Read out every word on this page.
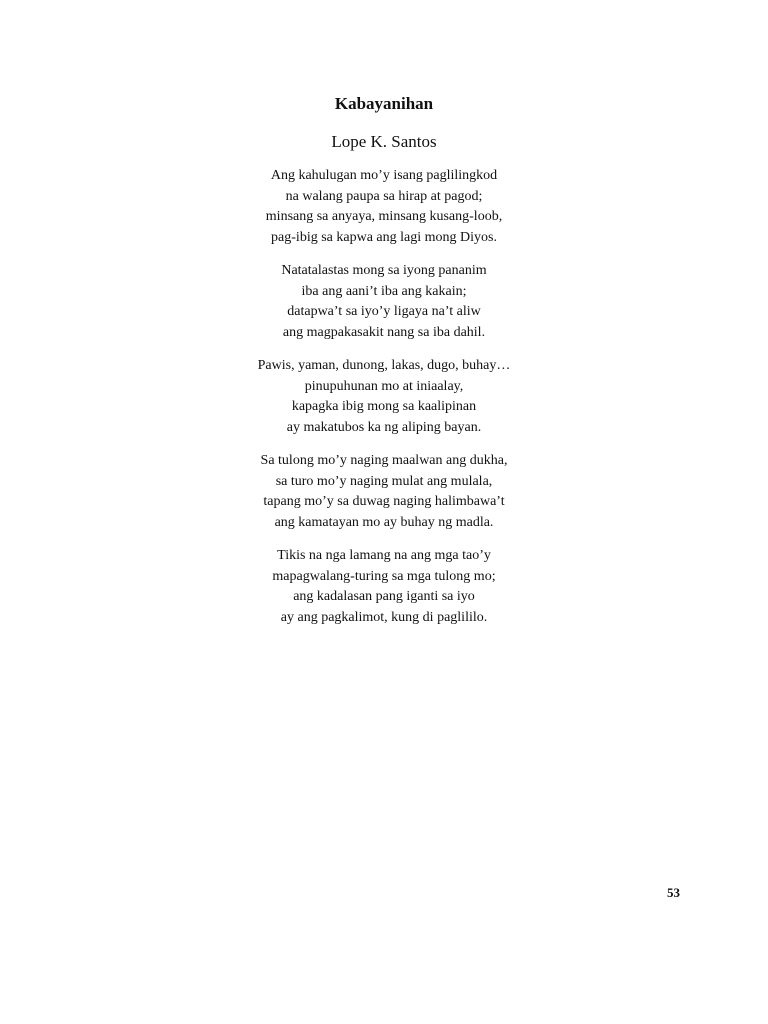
Kabayanihan
Lope K. Santos
Ang kahulugan mo’y isang paglilingkod
na walang paupa sa hirap at pagod;
minsang sa anyaya, minsang kusang-loob,
pag-ibig sa kapwa ang lagi mong Diyos.
Natatalastas mong sa iyong pananim
iba ang aani’t iba ang kakain;
datapwa’t sa iyo’y ligaya na’t aliw
ang magpakasakit nang sa iba dahil.
Pawis, yaman, dunong, lakas, dugo, buhay…
pinupuhunan mo at iniaalay,
kapagka ibig mong sa kaalipinan
ay makatubos ka ng aliping bayan.
Sa tulong mo’y naging maalwan ang dukha,
sa turo mo’y naging mulat ang mulala,
tapang mo’y sa duwag naging halimbawa’t
ang kamatayan mo ay buhay ng madla.
Tikis na nga lamang na ang mga tao’y
mapagwalang-turing sa mga tulong mo;
ang kadalasan pang iganti sa iyo
ay ang pagkalimot, kung di paglililo.
53
